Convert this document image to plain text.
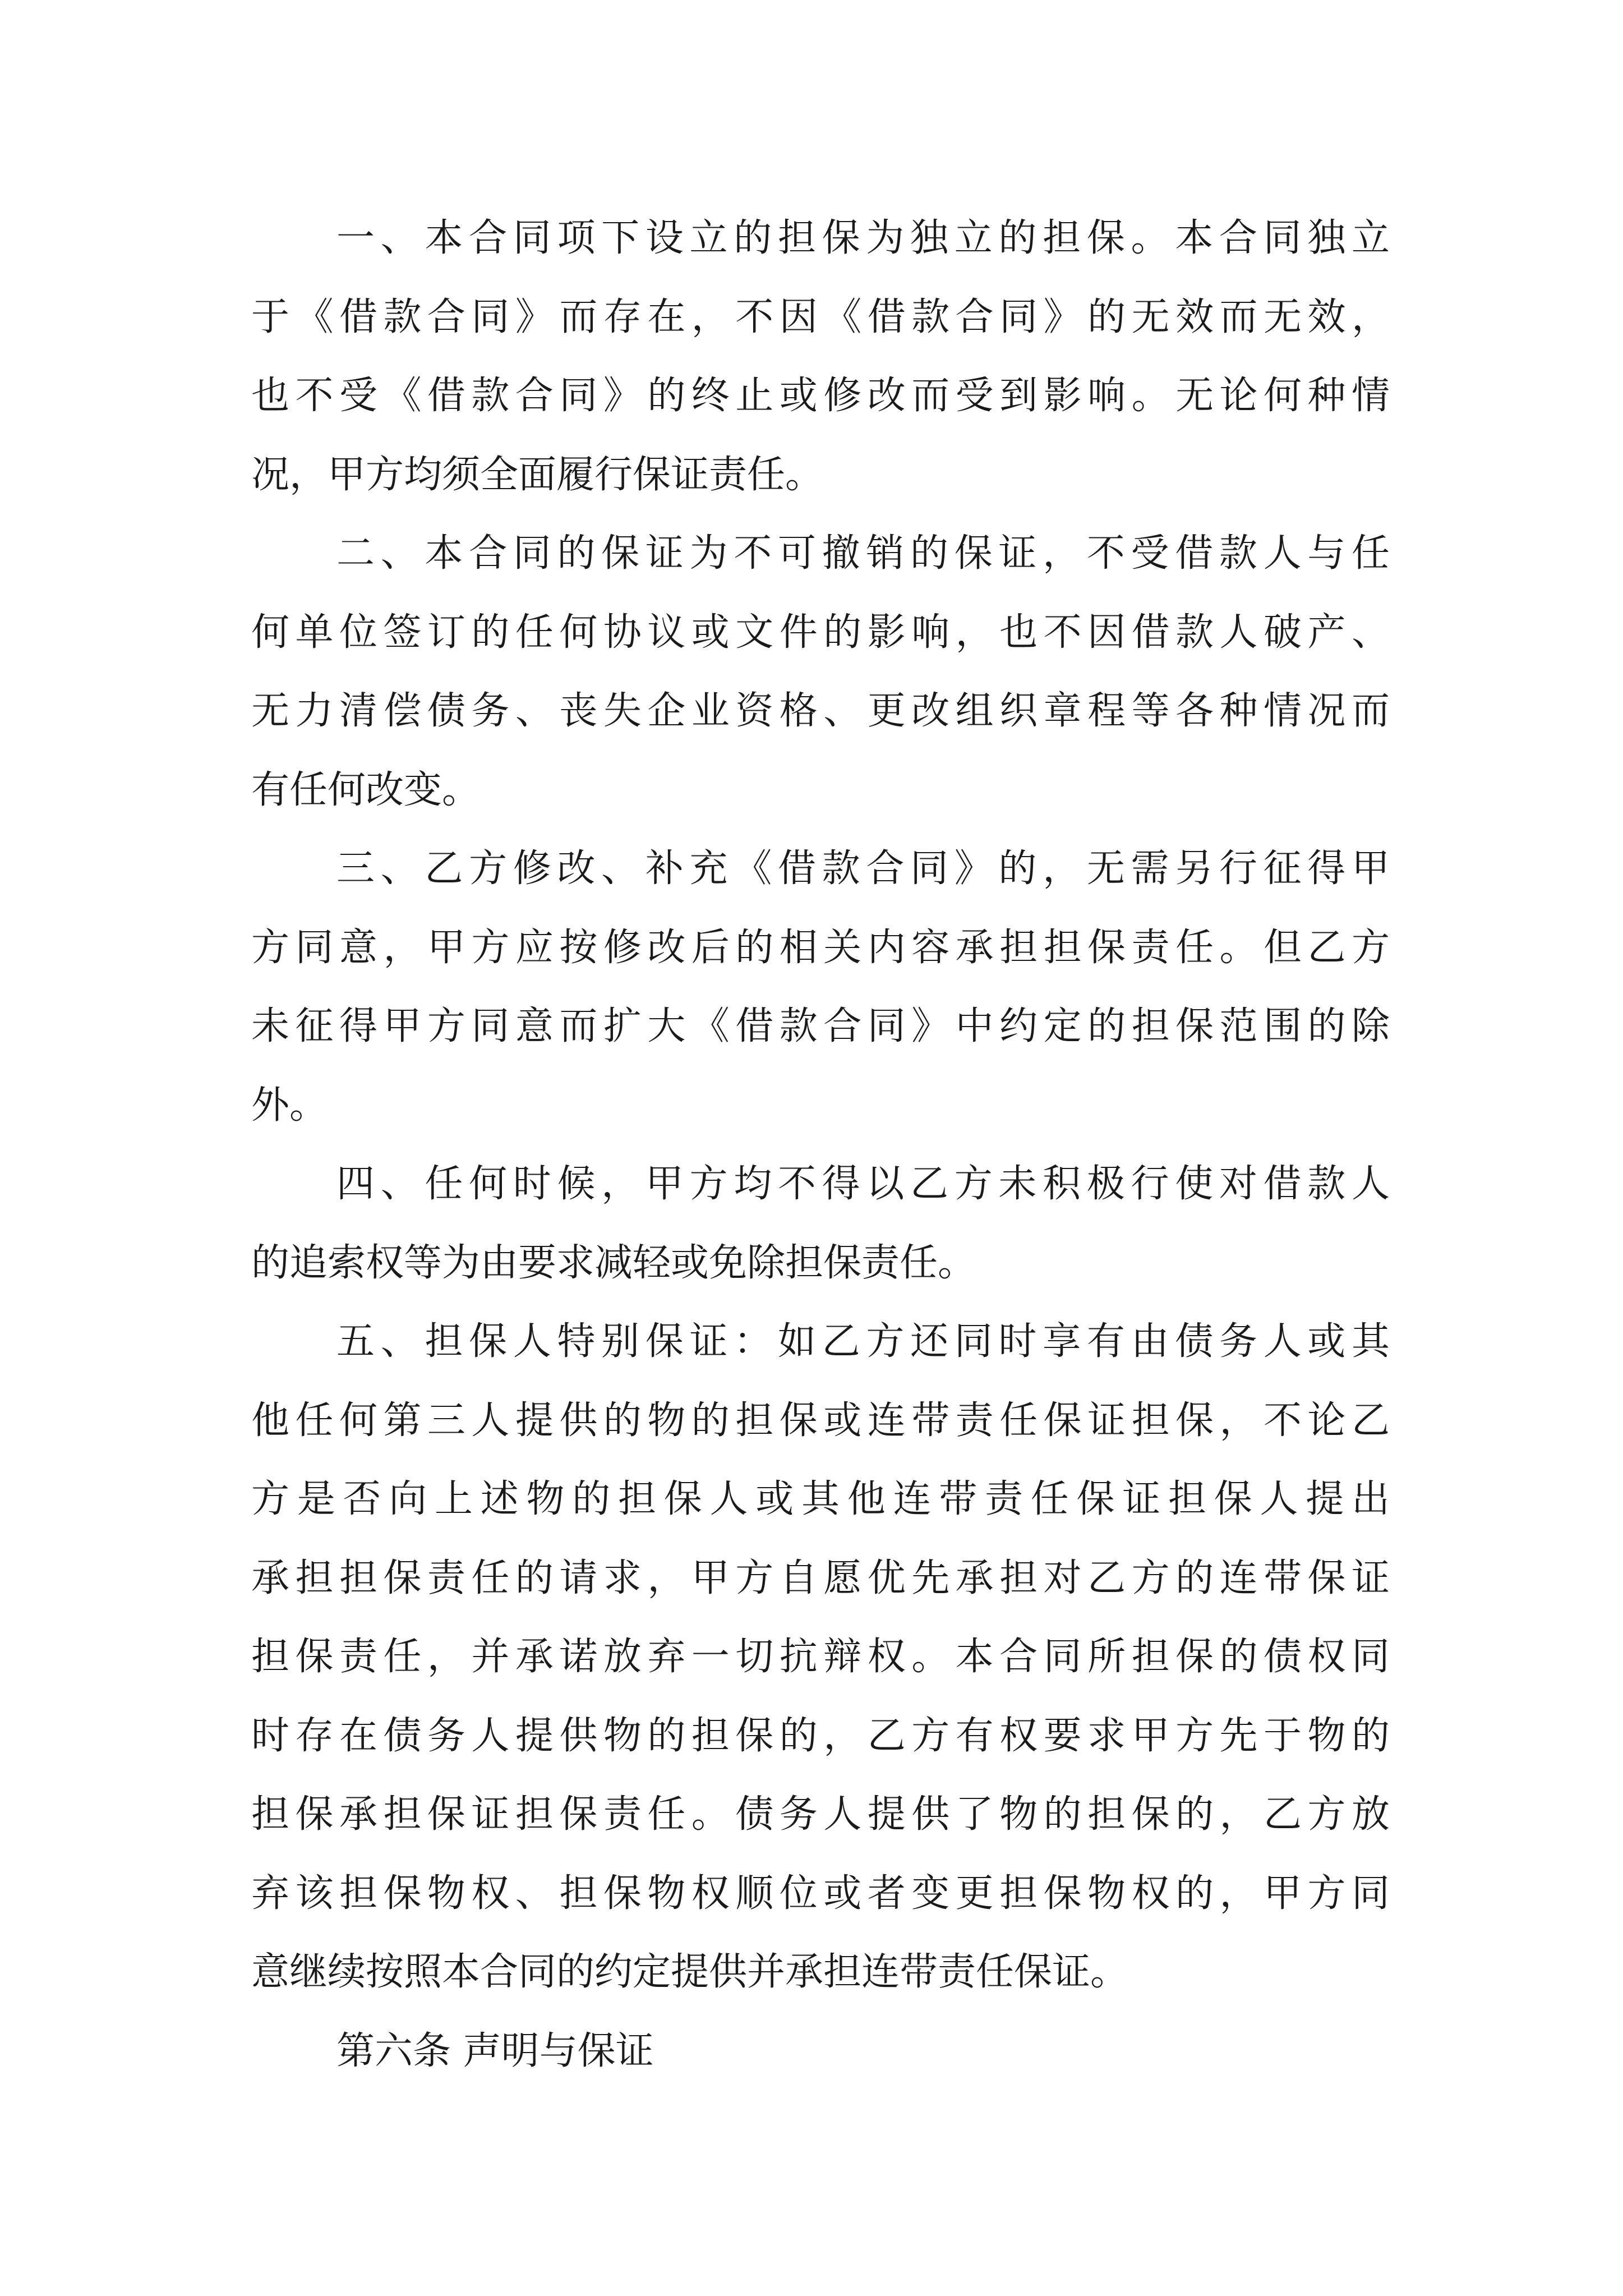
一、本合同项下设立的担保为独立的担保。本合同独立
于《借款合同》而存在，不因《借款合同》的无效而无效，
也不受《借款合同》的终止或修改而受到影响。无论何种情
况，甲方均须全面履行保证责任。
二、本合同的保证为不可撤销的保证，不受借款人与任
何单位签订的任何协议或文件的影响，也不因借款人破产、
无力清偿债务、丧失企业资格、更改组织章程等各种情况而
有任何改变。
三、乙方修改、补充《借款合同》的，无需另行征得甲
方同意，甲方应按修改后的相关内容承担担保责任。但乙方
未征得甲方同意而扩大《借款合同》中约定的担保范围的除
外。
四、任何时候，甲方均不得以乙方未积极行使对借款人
的追索权等为由要求减轻或免除担保责任。
五、担保人特别保证：如乙方还同时享有由债务人或其
他任何第三人提供的物的担保或连带责任保证担保，不论乙
方是否向上述物的担保人或其他连带责任保证担保人提出
承担担保责任的请求，甲方自愿优先承担对乙方的连带保证
担保责任，并承诺放弃一切抗辩权。本合同所担保的债权同
时存在债务人提供物的担保的，乙方有权要求甲方先于物的
担保承担保证担保责任。债务人提供了物的担保的，乙方放
弃该担保物权、担保物权顺位或者变更担保物权的，甲方同
意继续按照本合同的约定提供并承担连带责任保证。
第六条 声明与保证
